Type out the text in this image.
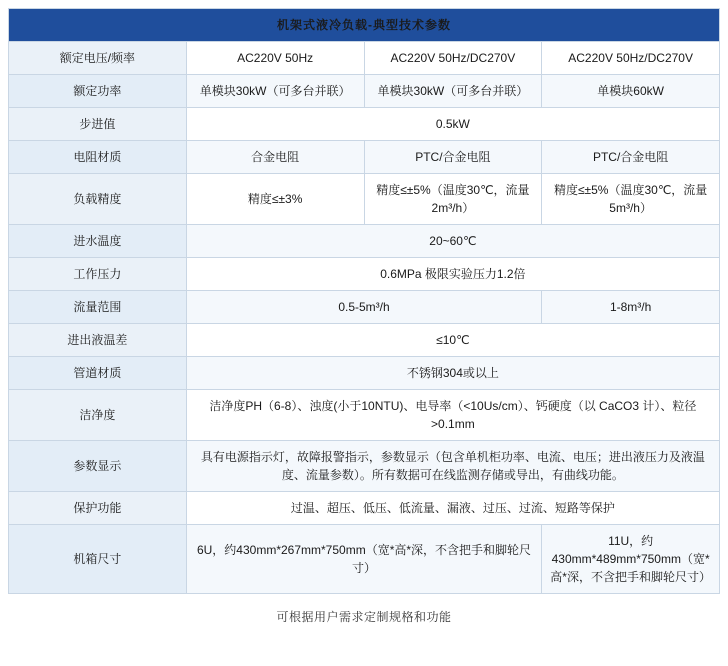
机架式液冷负载-典型技术参数			
额定电压/频率	AC220V 50Hz	AC220V 50Hz/DC270V	AC220V 50Hz/DC270V
额定功率	单模块30kW（可多台并联）	单模块30kW（可多台并联）	单模块60kW
步进值	0.5kW		
电阻材质	合金电阻	PTC/合金电阻	PTC/合金电阻
负载精度	精度≤±3%	精度≤±5%（温度30℃，流量2m³/h）	精度≤±5%（温度30℃，流量5m³/h）
进水温度	20~60℃		
工作压力	0.6MPa 极限实验压力1.2倍		
流量范围	0.5-5m³/h		1-8m³/h
进出液温差	≤10℃		
管道材质	不锈钢304或以上		
洁净度	洁净度PH（6-8）、浊度(小于10NTU)、电导率（<10Us/cm）、钙硬度（以 CaCO3 计）、粒径>0.1mm		
参数显示	具有电源指示灯，故障报警指示，参数显示（包含单机柜功率、电流、电压；进出液压力及液温度、流量参数）。所有数据可在线监测存储或导出，有曲线功能。		
保护功能	过温、超压、低压、低流量、漏液、过压、过流、短路等保护		
机箱尺寸	6U，约430mm*267mm*750mm（宽*高*深，不含把手和脚轮尺寸）		11U，约430mm*489mm*750mm（宽*高*深，不含把手和脚轮尺寸）
可根据用户需求定制规格和功能
